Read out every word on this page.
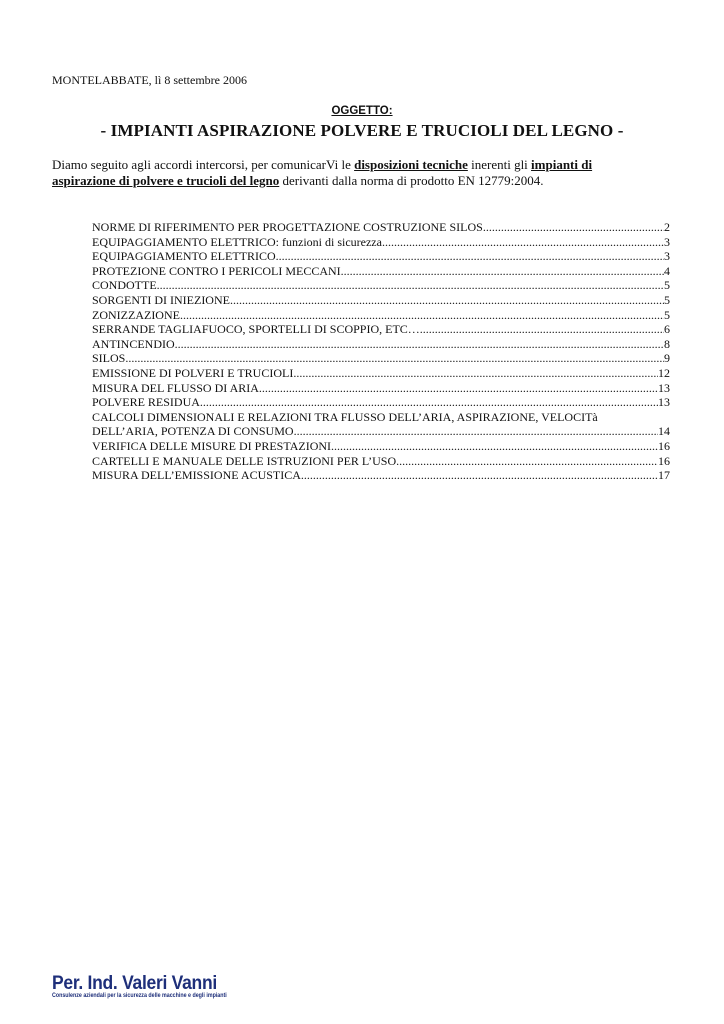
MONTELABBATE, lì 8 settembre 2006
OGGETTO:
- IMPIANTI ASPIRAZIONE POLVERE E TRUCIOLI DEL LEGNO -
Diamo seguito agli accordi intercorsi, per comunicarVi le disposizioni tecniche inerenti gli impianti di
aspirazione di polvere e trucioli del legno derivanti dalla norma di prodotto EN 12779:2004.
NORME DI RIFERIMENTO PER PROGETTAZIONE COSTRUZIONE SILOS .....	2
EQUIPAGGIAMENTO ELETTRICO: funzioni di sicurezza .....	3
EQUIPAGGIAMENTO ELETTRICO .....	3
PROTEZIONE CONTRO I PERICOLI MECCANI .....	4
CONDOTTE .....	5
SORGENTI DI INIEZIONE .....	5
ZONIZZAZIONE .....	5
SERRANDE TAGLIAFUOCO, SPORTELLI DI SCOPPIO, ETC… .....	6
ANTINCENDIO .....	8
SILOS .....	9
EMISSIONE DI POLVERI E TRUCIOLI .....	12
MISURA DEL FLUSSO DI ARIA .....	13
POLVERE RESIDUA .....	13
CALCOLI DIMENSIONALI E RELAZIONI TRA FLUSSO DELL’ARIA, ASPIRAZIONE, VELOCITà
DELL’ARIA, POTENZA DI CONSUMO .....	14
VERIFICA DELLE MISURE DI PRESTAZIONI .....	16
CARTELLI E MANUALE DELLE ISTRUZIONI PER L’USO .....	16
MISURA DELL’EMISSIONE ACUSTICA .....	17
Per. Ind. Valeri Vanni
Consulenze aziendali per la sicurezza delle macchine e degli impianti
